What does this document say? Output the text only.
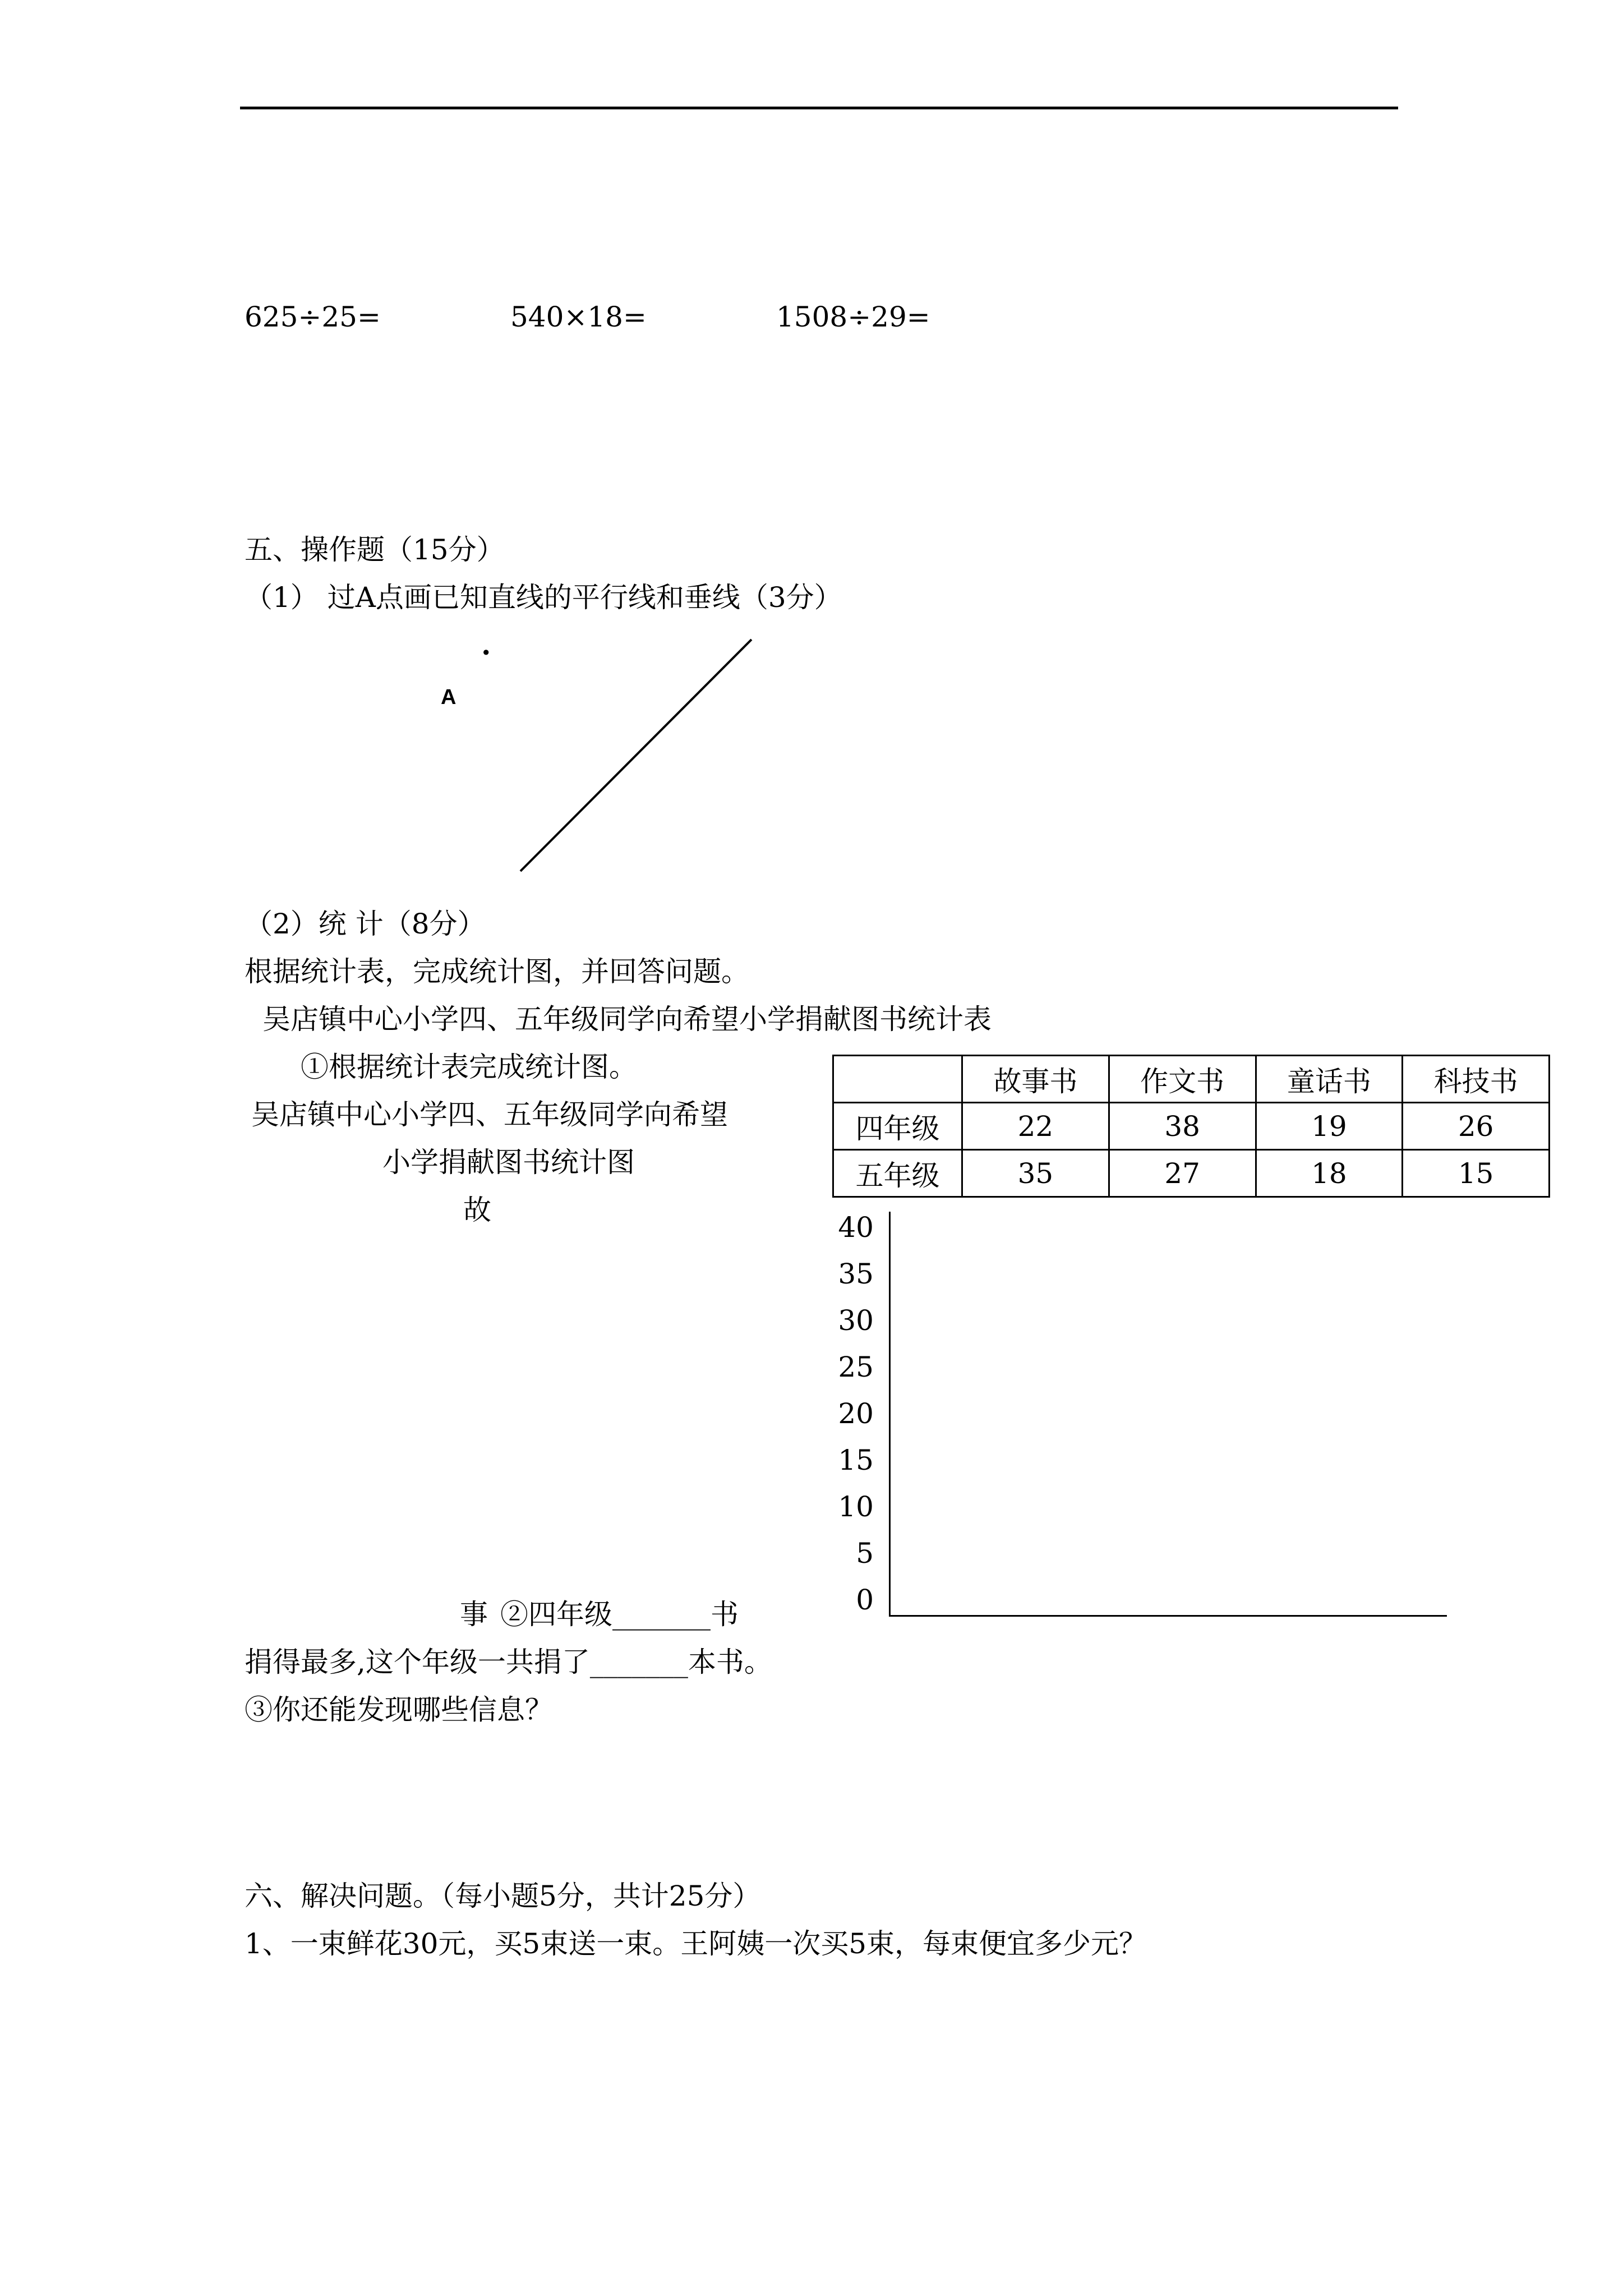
625÷25=	540×18=	1508÷29=
五、操作题（15分）
（1） 过A点画已知直线的平行线和垂线（3分）
.
A
（2）统 计（8分）
根据统计表，完成统计图，并回答问题。
吴店镇中心小学四、五年级同学向希望小学捐献图书统计表
①根据统计表完成统计图。
吴店镇中心小学四、五年级同学向希望
小学捐献图书统计图
故
	故事书	作文书	童话书	科技书
四年级	22	38	19	26
五年级	35	27	18	15
40
35
30
25
20
15
10
5
0
事 ②四年级_______书
捐得最多,这个年级一共捐了_______本书。
③你还能发现哪些信息？
六、解决问题。（每小题5分，共计25分）
1、一束鲜花30元，买5束送一束。王阿姨一次买5束，每束便宜多少元？
